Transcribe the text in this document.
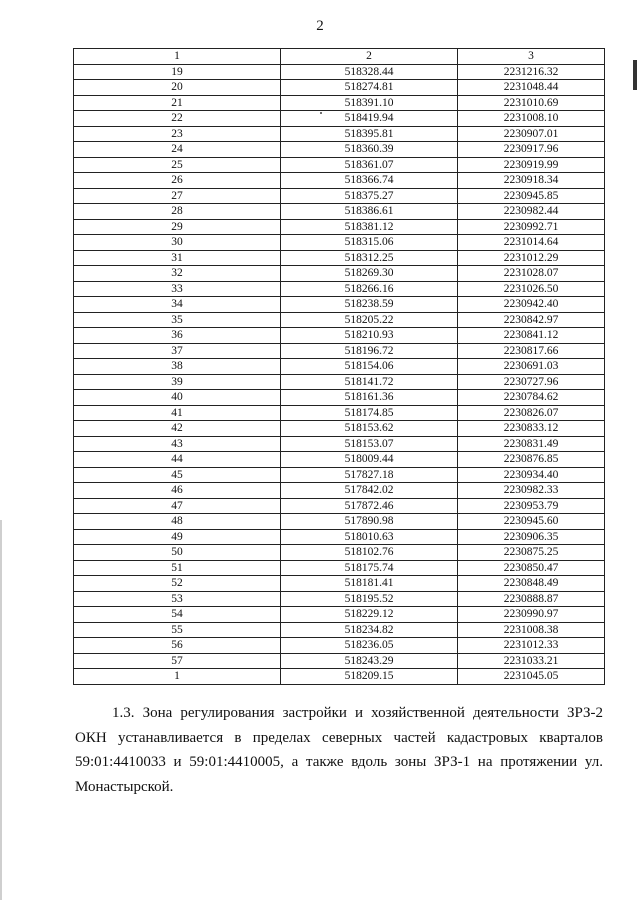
2
1	2	3
19	518328.44	2231216.32
20	518274.81	2231048.44
21	518391.10	2231010.69
22	518419.94	2231008.10
23	518395.81	2230907.01
24	518360.39	2230917.96
25	518361.07	2230919.99
26	518366.74	2230918.34
27	518375.27	2230945.85
28	518386.61	2230982.44
29	518381.12	2230992.71
30	518315.06	2231014.64
31	518312.25	2231012.29
32	518269.30	2231028.07
33	518266.16	2231026.50
34	518238.59	2230942.40
35	518205.22	2230842.97
36	518210.93	2230841.12
37	518196.72	2230817.66
38	518154.06	2230691.03
39	518141.72	2230727.96
40	518161.36	2230784.62
41	518174.85	2230826.07
42	518153.62	2230833.12
43	518153.07	2230831.49
44	518009.44	2230876.85
45	517827.18	2230934.40
46	517842.02	2230982.33
47	517872.46	2230953.79
48	517890.98	2230945.60
49	518010.63	2230906.35
50	518102.76	2230875.25
51	518175.74	2230850.47
52	518181.41	2230848.49
53	518195.52	2230888.87
54	518229.12	2230990.97
55	518234.82	2231008.38
56	518236.05	2231012.33
57	518243.29	2231033.21
1	518209.15	2231045.05

1.3. Зона регулирования застройки и хозяйственной деятельности ЗРЗ-2 ОКН устанавливается в пределах северных частей кадастровых кварталов 59:01:4410033 и 59:01:4410005, а также вдоль зоны ЗРЗ-1 на протяжении ул. Монастырской.
